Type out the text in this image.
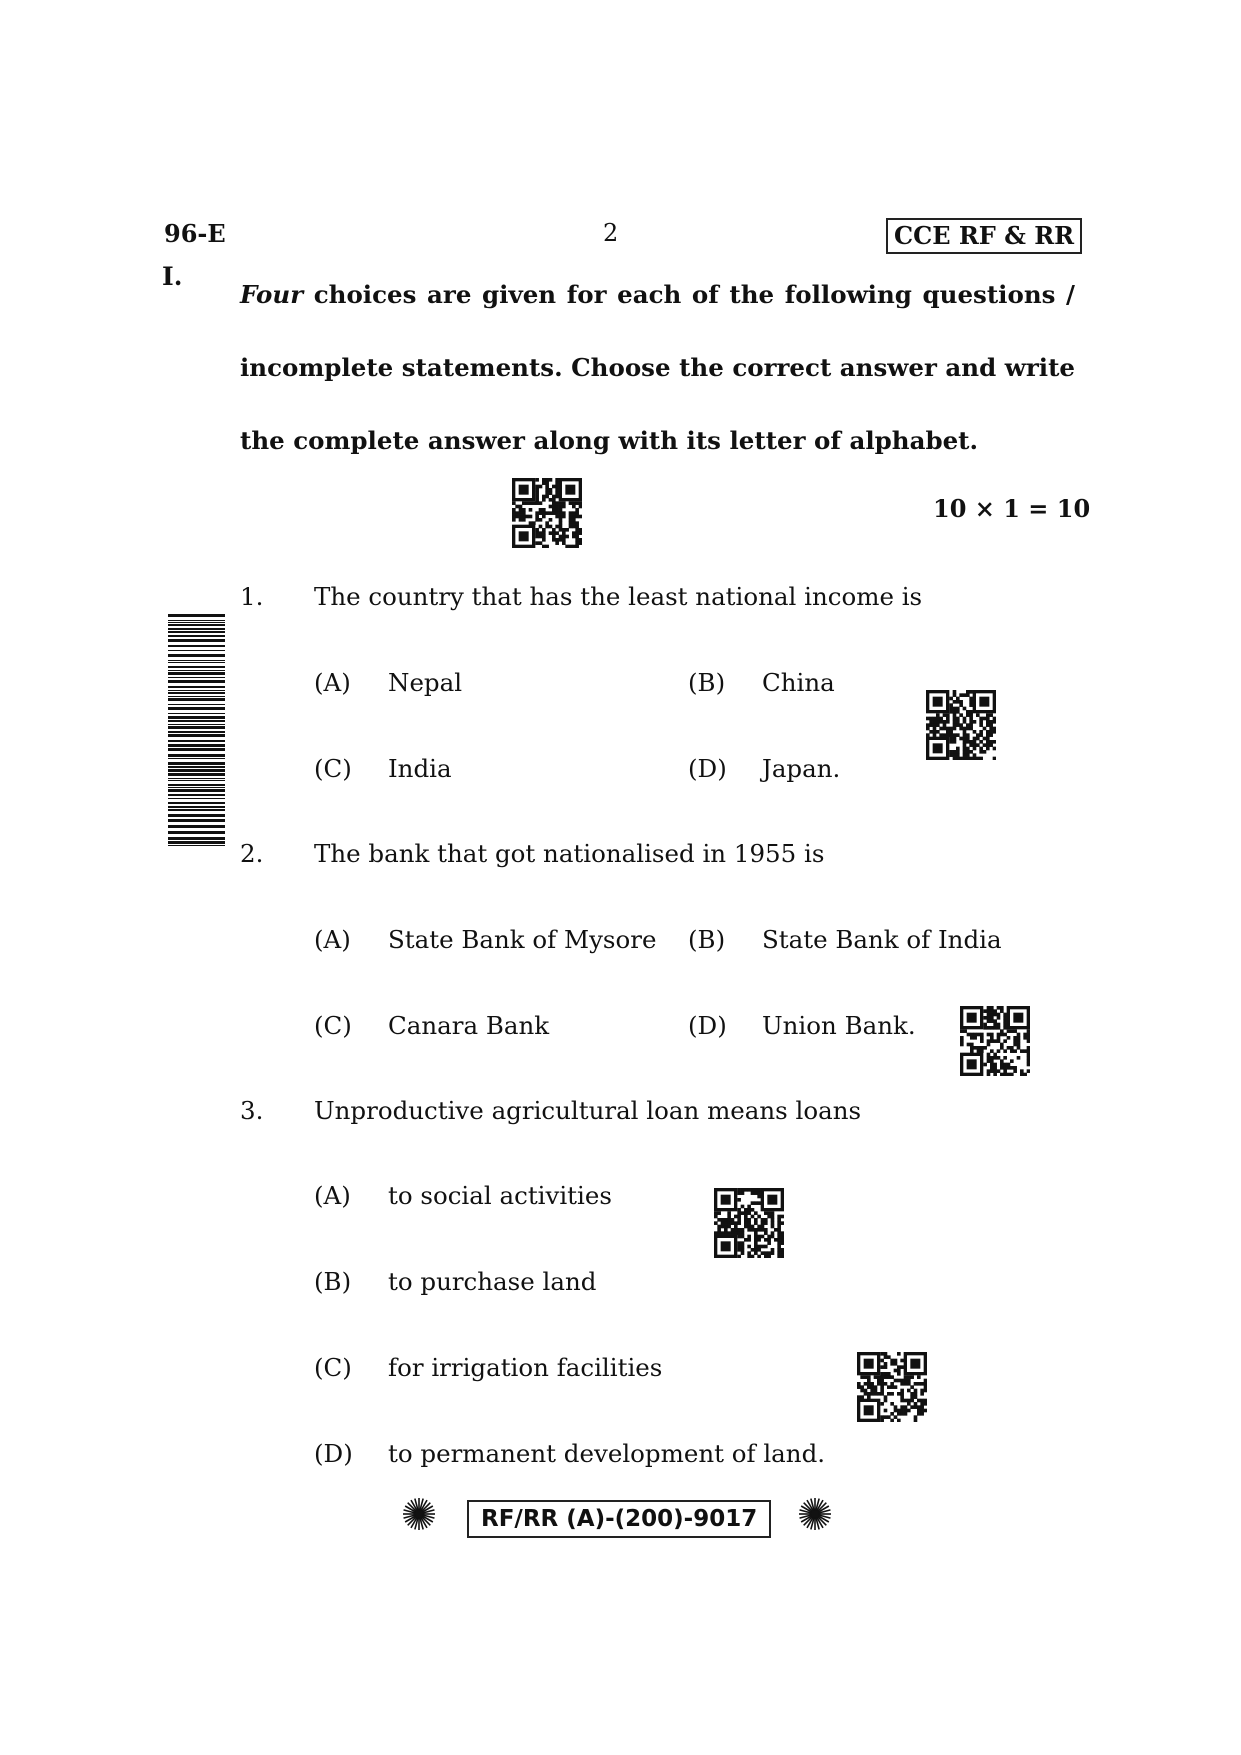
96-E	2	CCE RF & RR
I.
Four choices are given for each of the following questions / incomplete statements. Choose the correct answer and write the complete answer along with its letter of alphabet.
10 × 1 = 10
1. The country that has the least national income is
(A) Nepal	(B) China
(C) India	(D) Japan.
2. The bank that got nationalised in 1955 is
(A) State Bank of Mysore (B) State Bank of India
(C) Canara Bank	(D) Union Bank.
3. Unproductive agricultural loan means loans
(A) to social activities
(B) to purchase land
(C) for irrigation facilities
(D) to permanent development of land.
RF/RR (A)-(200)-9017
